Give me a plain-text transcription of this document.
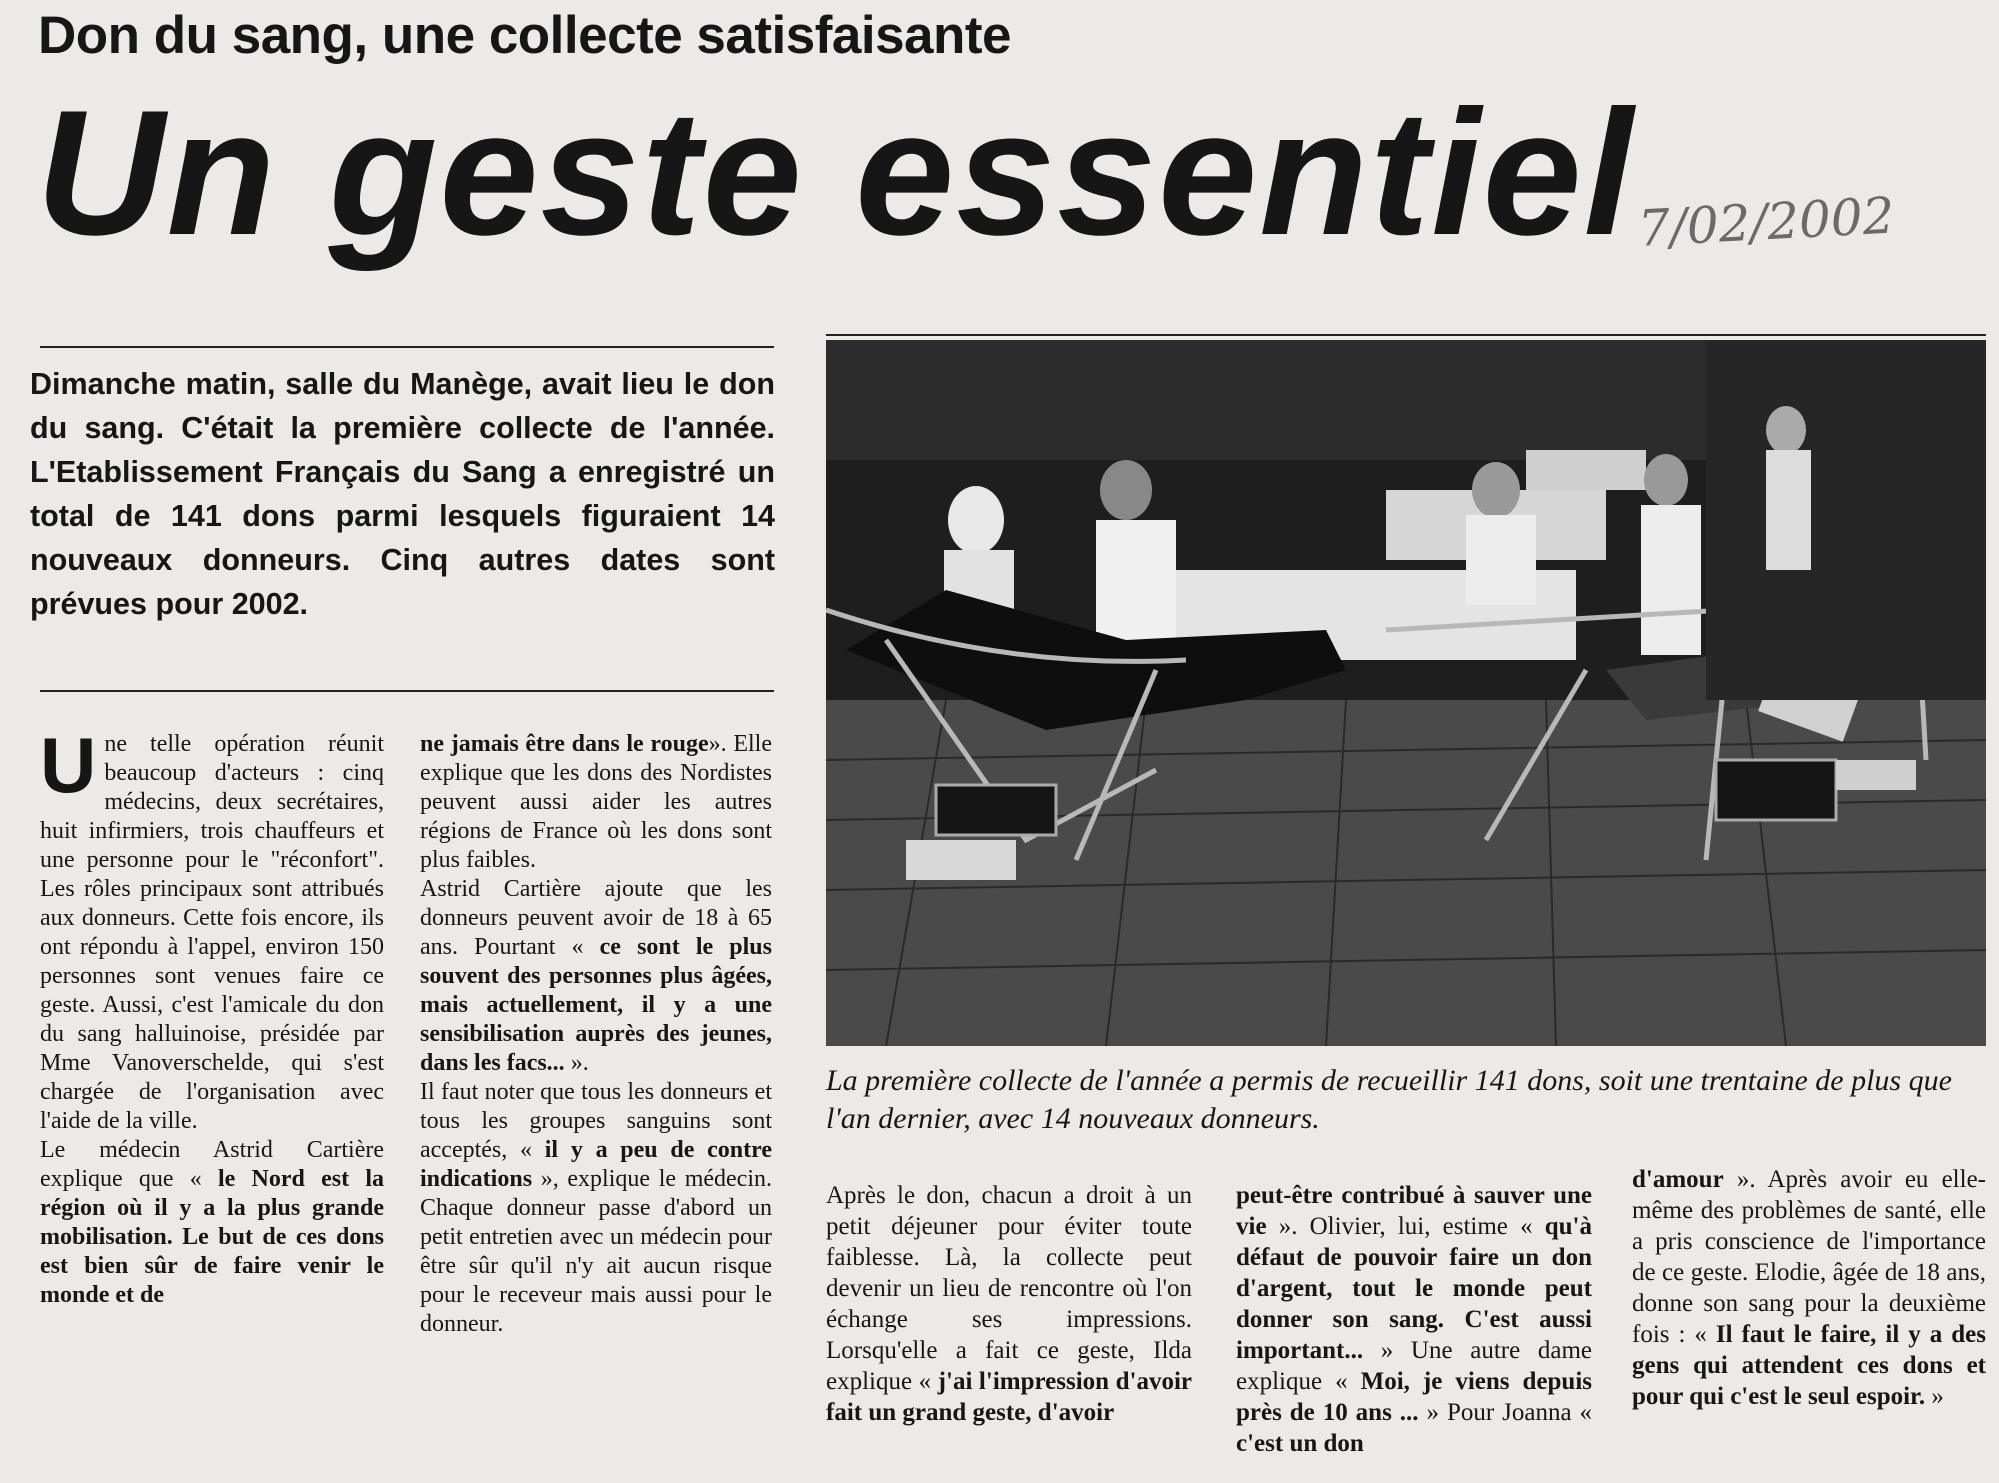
Don du sang, une collecte satisfaisante
Un geste essentiel 7/02/2002
Dimanche matin, salle du Manège, avait lieu le don du sang. C'était la première collecte de l'année. L'Etablissement Français du Sang a enregistré un total de 141 dons parmi lesquels figuraient 14 nouveaux donneurs. Cinq autres dates sont prévues pour 2002.

Une telle opération réunit beaucoup d'acteurs : cinq médecins, deux secrétaires, huit infirmiers, trois chauffeurs et une personne pour le "réconfort". Les rôles principaux sont attribués aux donneurs. Cette fois encore, ils ont répondu à l'appel, environ 150 personnes sont venues faire ce geste. Aussi, c'est l'amicale du don du sang halluinoise, présidée par Mme Vanoverschelde, qui s'est chargée de l'organisation avec l'aide de la ville.

Le médecin Astrid Cartière explique que « le Nord est la région où il y a la plus grande mobilisation. Le but de ces dons est bien sûr de faire venir le monde et de

ne jamais être dans le rouge». Elle explique que les dons des Nordistes peuvent aussi aider les autres régions de France où les dons sont plus faibles.

Astrid Cartière ajoute que les donneurs peuvent avoir de 18 à 65 ans. Pourtant « ce sont le plus souvent des personnes plus âgées, mais actuellement, il y a une sensibilisation auprès des jeunes, dans les facs... ».

Il faut noter que tous les donneurs et tous les groupes sanguins sont acceptés, « il y a peu de contre indications », explique le médecin. Chaque donneur passe d'abord un petit entretien avec un médecin pour être sûr qu'il n'y ait aucun risque pour le receveur mais aussi pour le donneur.

La première collecte de l'année a permis de recueillir 141 dons, soit une trentaine de plus que l'an dernier, avec 14 nouveaux donneurs.

Après le don, chacun a droit à un petit déjeuner pour éviter toute faiblesse. Là, la collecte peut devenir un lieu de rencontre où l'on échange ses impressions. Lorsqu'elle a fait ce geste, Ilda explique « j'ai l'impression d'avoir fait un grand geste, d'avoir

peut-être contribué à sauver une vie ». Olivier, lui, estime « qu'à défaut de pouvoir faire un don d'argent, tout le monde peut donner son sang. C'est aussi important... » Une autre dame explique « Moi, je viens depuis près de 10 ans ... » Pour Joanna « c'est un don

d'amour ». Après avoir eu elle-même des problèmes de santé, elle a pris conscience de l'importance de ce geste. Elodie, âgée de 18 ans, donne son sang pour la deuxième fois : « Il faut le faire, il y a des gens qui attendent ces dons et pour qui c'est le seul espoir. »
